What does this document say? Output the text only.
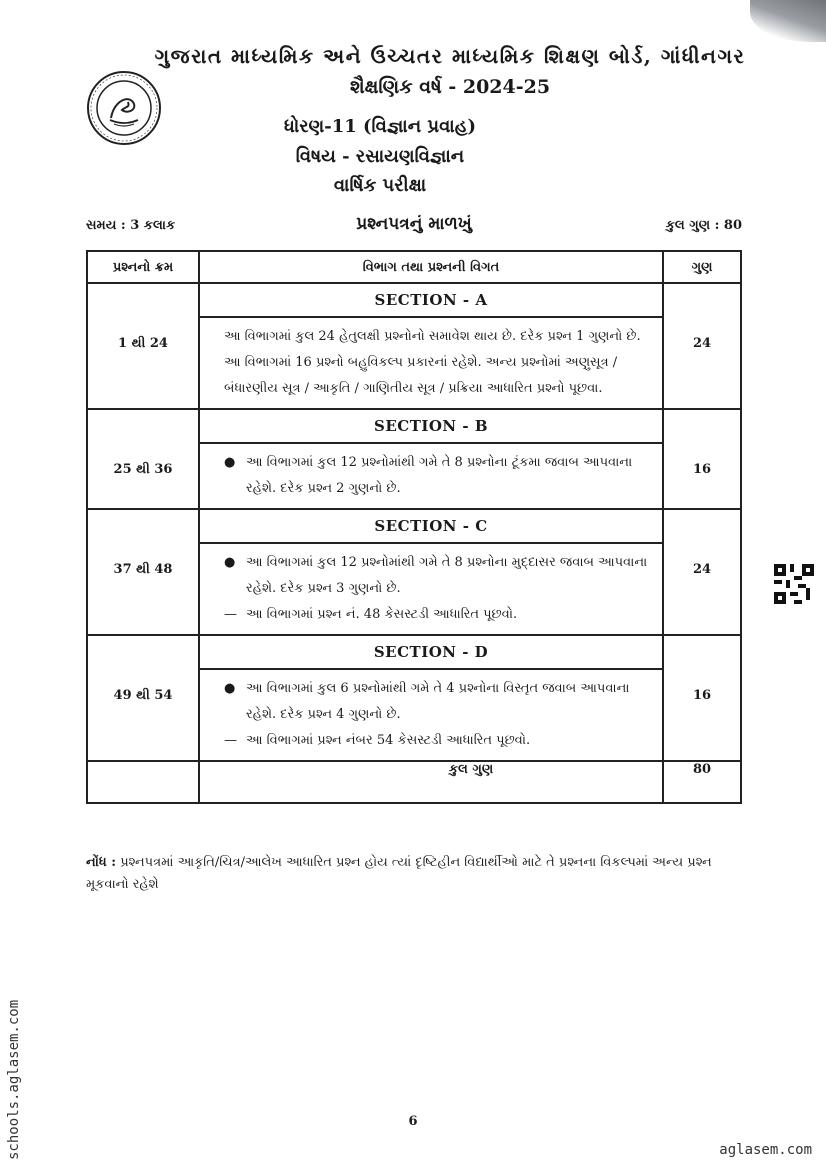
ગુજરાત માધ્યમિક અને ઉચ્ચતર માધ્યમિક શિક્ષણ બોર્ડ, ગાંધીનગર
શૈક્ષણિક વર્ષ - 2024-25
ધોરણ-11 (વિજ્ઞાન પ્રવાહ)
વિષય - રસાયણવિજ્ઞાન
વાર્ષિક પરીક્ષા
પ્રશ્નપત્રનું માળખું
સમય : 3 કલાક	કુલ ગુણ : 80
પ્રશ્નનો ક્રમ	વિભાગ તથા પ્રશ્નની વિગત	ગુણ
1 થી 24	SECTION - A
આ વિભાગમાં કુલ 24 હેતુલક્ષી પ્રશ્નોનો સમાવેશ થાય છે. દરેક પ્રશ્ન 1 ગુણનો છે. આ વિભાગમાં 16 પ્રશ્નો બહુવિકલ્પ પ્રકારનાં રહેશે. અન્ય પ્રશ્નોમાં અણુસૂત્ર / બંધારણીય સૂત્ર / આકૃતિ / ગાણિતીય સૂત્ર / પ્રક્રિયા આધારિત પ્રશ્નો પૂછવા.	24
25 થી 36	SECTION - B
● આ વિભાગમાં કુલ 12 પ્રશ્નોમાંથી ગમે તે 8 પ્રશ્નોના ટૂંકમા જવાબ આપવાના રહેશે. દરેક પ્રશ્ન 2 ગુણનો છે.	16
37 થી 48	SECTION - C
● આ વિભાગમાં કુલ 12 પ્રશ્નોમાંથી ગમે તે 8 પ્રશ્નોના મુદ્દાસર જવાબ આપવાના રહેશે. દરેક પ્રશ્ન 3 ગુણનો છે.
— આ વિભાગમાં પ્રશ્ન નં. 48 કેસસ્ટડી આધારિત પૂછવો.	24
49 થી 54	SECTION - D
● આ વિભાગમાં કુલ 6 પ્રશ્નોમાંથી ગમે તે 4 પ્રશ્નોના વિસ્તૃત જવાબ આપવાના રહેશે. દરેક પ્રશ્ન 4 ગુણનો છે.
— આ વિભાગમાં પ્રશ્ન નંબર 54 કેસસ્ટડી આધારિત પૂછવો.	16
	કુલ ગુણ	80
નોંધ : પ્રશ્નપત્રમાં આકૃતિ/ચિત્ર/આલેખ આધારિત પ્રશ્ન હોય ત્યાં દૃષ્ટિહીન વિદ્યાર્થીઓ માટે તે પ્રશ્નના વિકલ્પમાં અન્ય પ્રશ્ન મૂકવાનો રહેશે
schools.aglasem.com	6
aglasem.com
